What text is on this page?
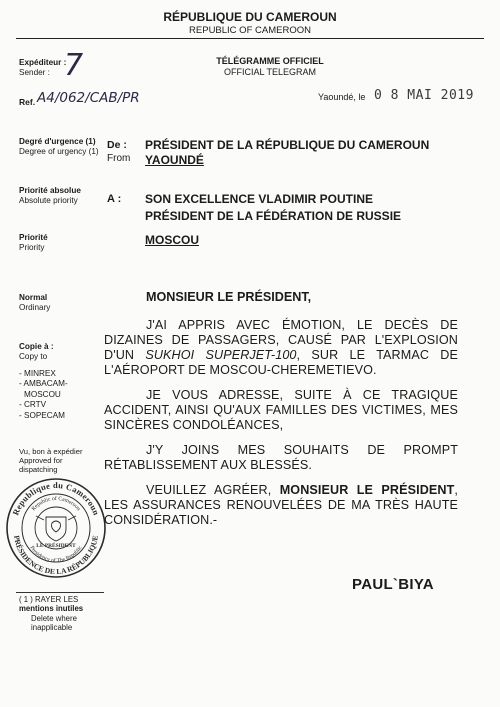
RÉPUBLIQUE DU CAMEROUN
REPUBLIC OF CAMEROON
TÉLÉGRAMME OFFICIEL
OFFICIAL TELEGRAM
Expéditeur :
Sender : 7
Ref. A4/062/CAB/PR	Yaoundé, le 0 8 MAI 2019
Degré d'urgence (1)
Degree of urgency (1)
Priorité absolue
Absolute priority
Priorité
Priority
Normal
Ordinary
Copie à :
Copy to
- MINREX
- AMBACAM-
MOSCOU
- CRTV
- SOPECAM
Vu, bon à expédier
Approved for
dispatching
Republique du Cameroun
PRÉSIDENCE DE LA RÉPUBLIQUE
Republic of Cameroon
Presidency of The Republic
LE PRÉSIDENT
( 1 ) RAYER LES
mentions inutiles
Delete where
inapplicable
De :
From
PRÉSIDENT DE LA RÉPUBLIQUE DU CAMEROUN
YAOUNDÉ
A : SON EXCELLENCE VLADIMIR POUTINE
PRÉSIDENT DE LA FÉDÉRATION DE RUSSIE
MOSCOU
MONSIEUR LE PRÉSIDENT,
J'AI APPRIS AVEC ÉMOTION, LE DECÈS DE DIZAINES DE PASSAGERS, CAUSÉ PAR L'EXPLOSION D'UN SUKHOI SUPERJET-100, SUR LE TARMAC DE L'AÉROPORT DE MOSCOU-CHEREMETIEVO.
JE VOUS ADRESSE, SUITE À CE TRAGIQUE ACCIDENT, AINSI QU'AUX FAMILLES DES VICTIMES, MES SINCÈRES CONDOLÉANCES,
J'Y JOINS MES SOUHAITS DE PROMPT RÉTABLISSEMENT AUX BLESSÉS.
VEUILLEZ AGRÉER, MONSIEUR LE PRÉSIDENT, LES ASSURANCES RENOUVELÉES DE MA TRÈS HAUTE CONSIDÉRATION.-
PAUL`BIYA
